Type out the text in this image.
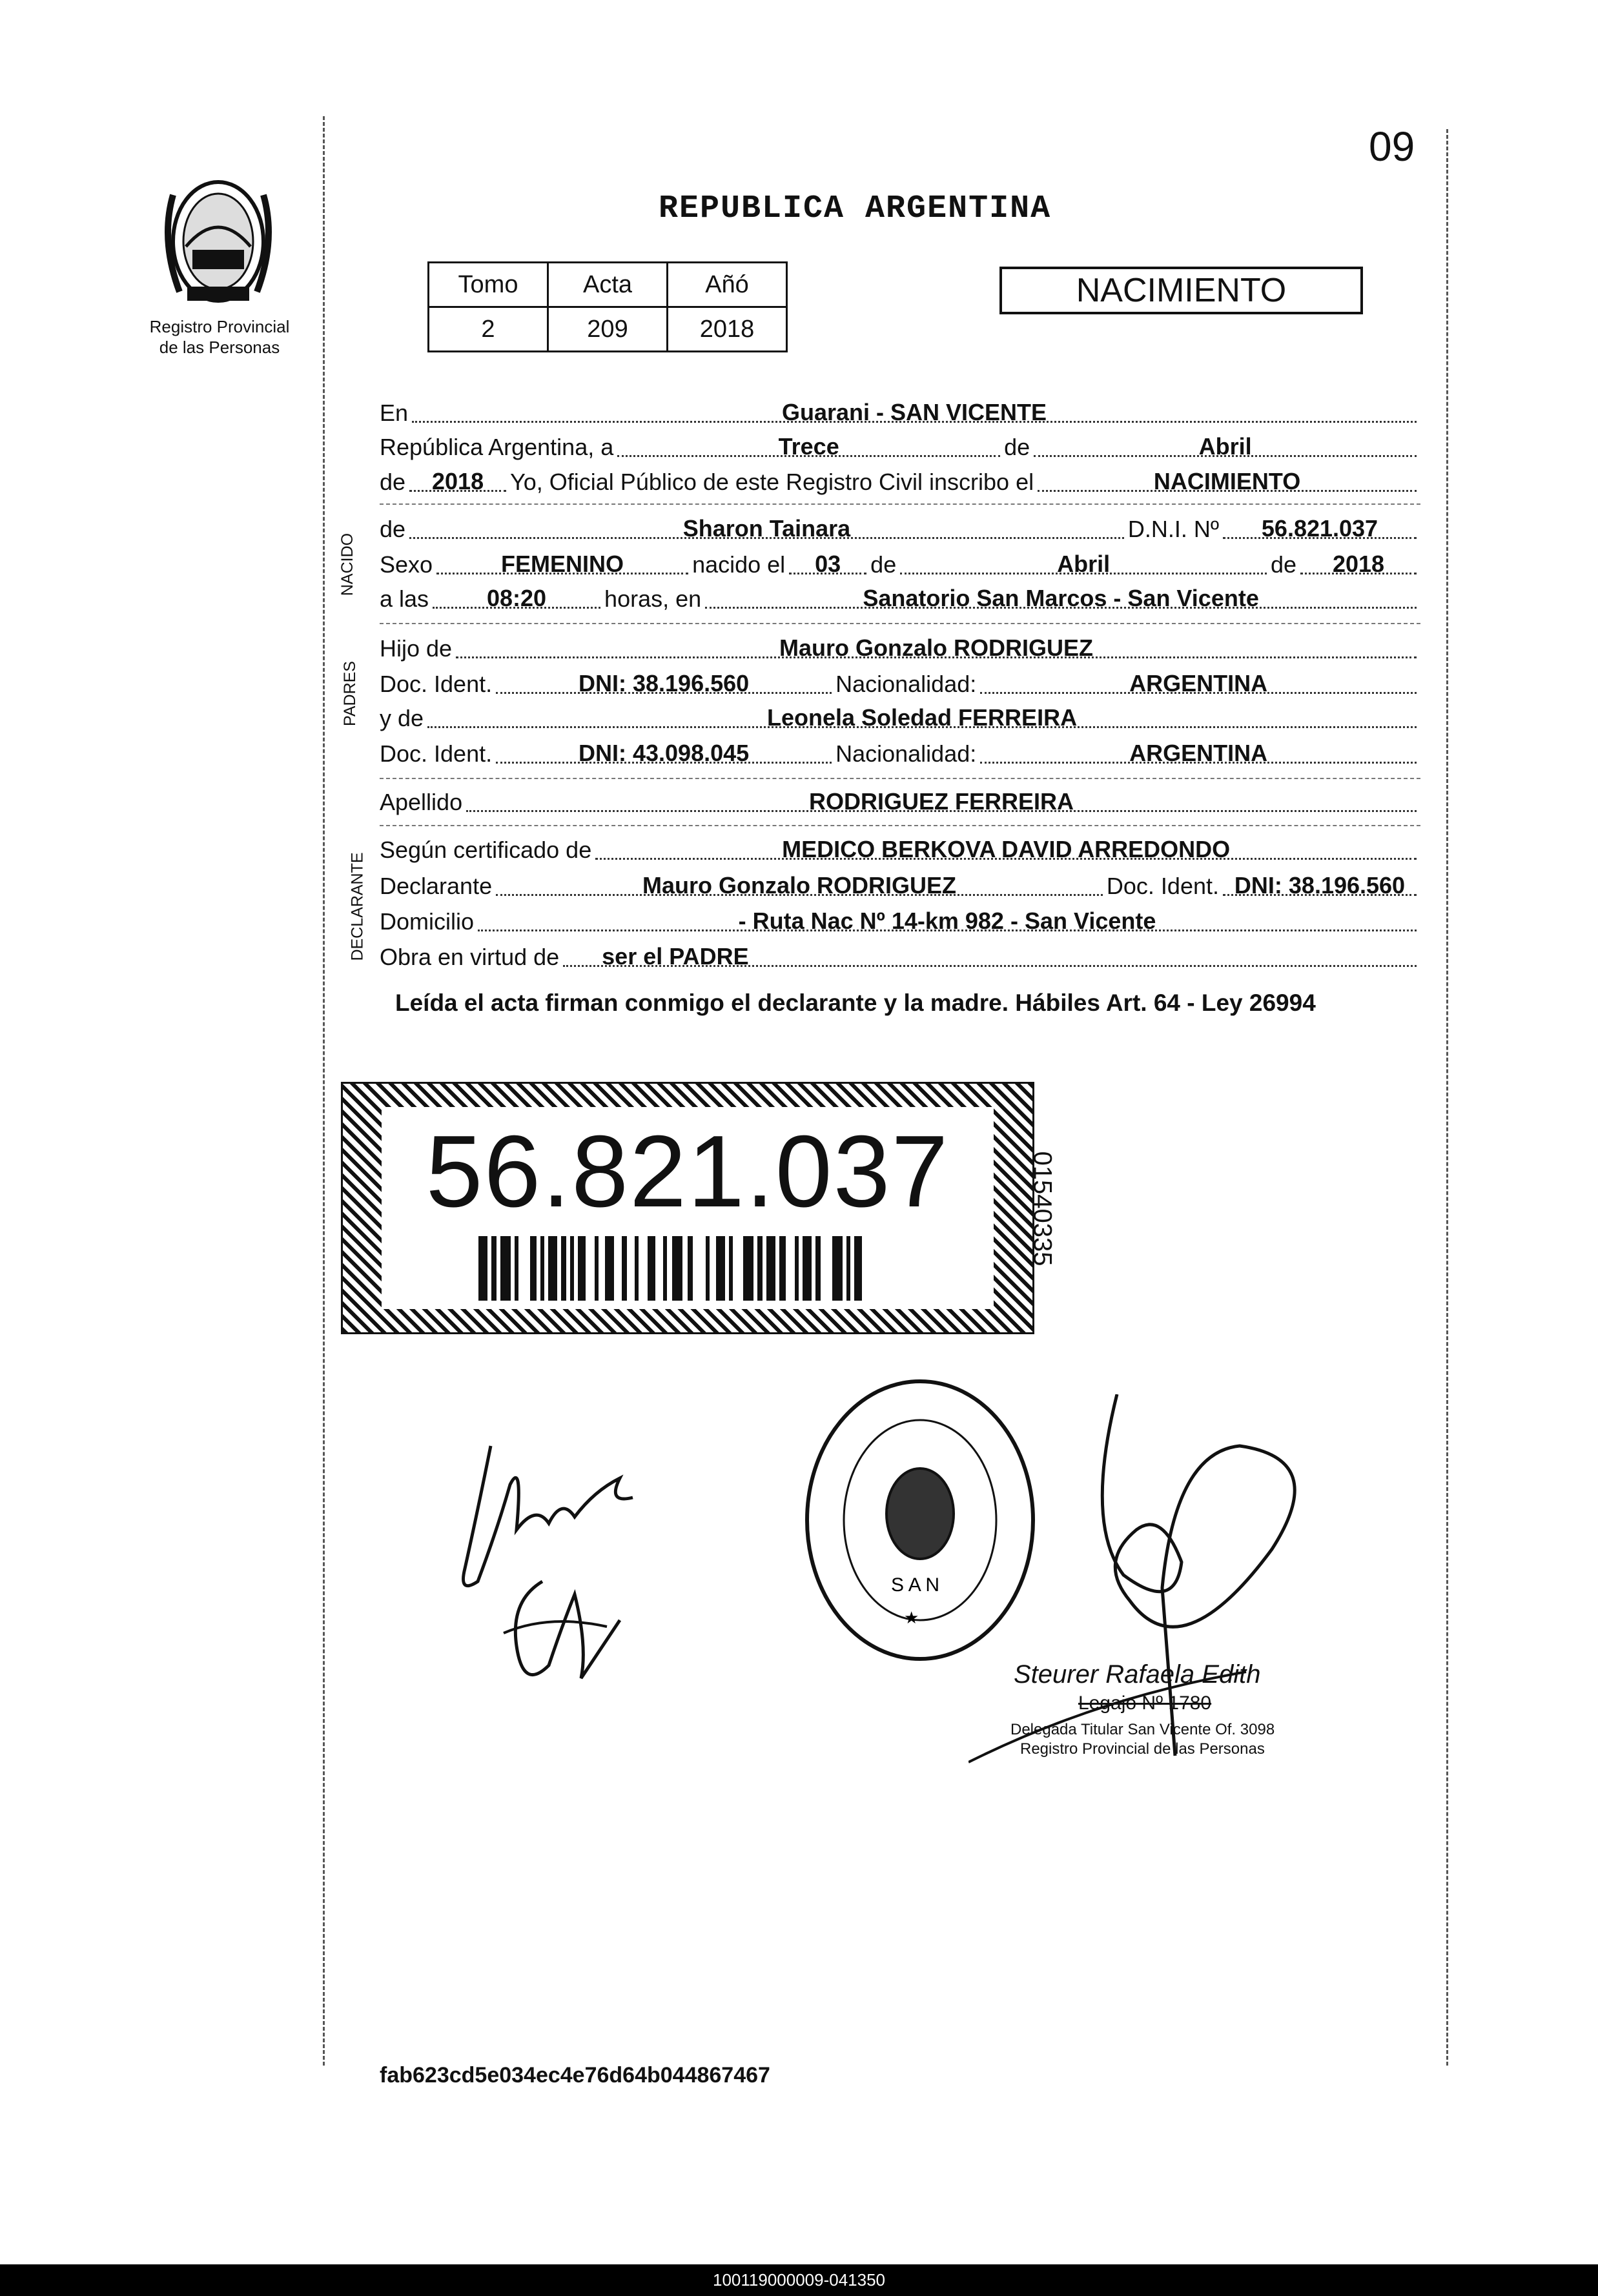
09
Registro Provincial
de las Personas
REPUBLICA ARGENTINA
Tomo	Acta	Añó
2	209	2018
NACIMIENTO
NACIDO
PADRES
DECLARANTE
En	Guarani - SAN VICENTE
República Argentina, a	Trece	de	Abril
de	2018	Yo, Oficial Público de este Registro Civil inscribo el	NACIMIENTO
de	Sharon Tainara	D.N.I. Nº	56.821.037
Sexo	FEMENINO	nacido el	03	de	Abril	de	2018
a las	08:20	horas, en	Sanatorio San Marcos - San Vicente
Hijo de	Mauro Gonzalo RODRIGUEZ
Doc. Ident.	DNI: 38.196.560	Nacionalidad:	ARGENTINA
y de	Leonela Soledad FERREIRA
Doc. Ident.	DNI: 43.098.045	Nacionalidad:	ARGENTINA
Apellido	RODRIGUEZ FERREIRA
Según certificado de	MEDICO BERKOVA DAVID ARREDONDO
Declarante	Mauro Gonzalo RODRIGUEZ	Doc. Ident. DNI: 38.196.560
Domicilio	- Ruta Nac Nº 14-km 982 - San Vicente
Obra en virtud de	ser el PADRE
Leída el acta firman conmigo el declarante y la madre. Hábiles Art. 64 - Ley 26994
56.821.037	01540335
S A N
★
Steurer Rafaela Edith
Legajo Nº 1780
Delegada Titular San Vicente Of. 3098
Registro Provincial de las Personas
fab623cd5e034ec4e76d64b044867467
100119000009-041350
